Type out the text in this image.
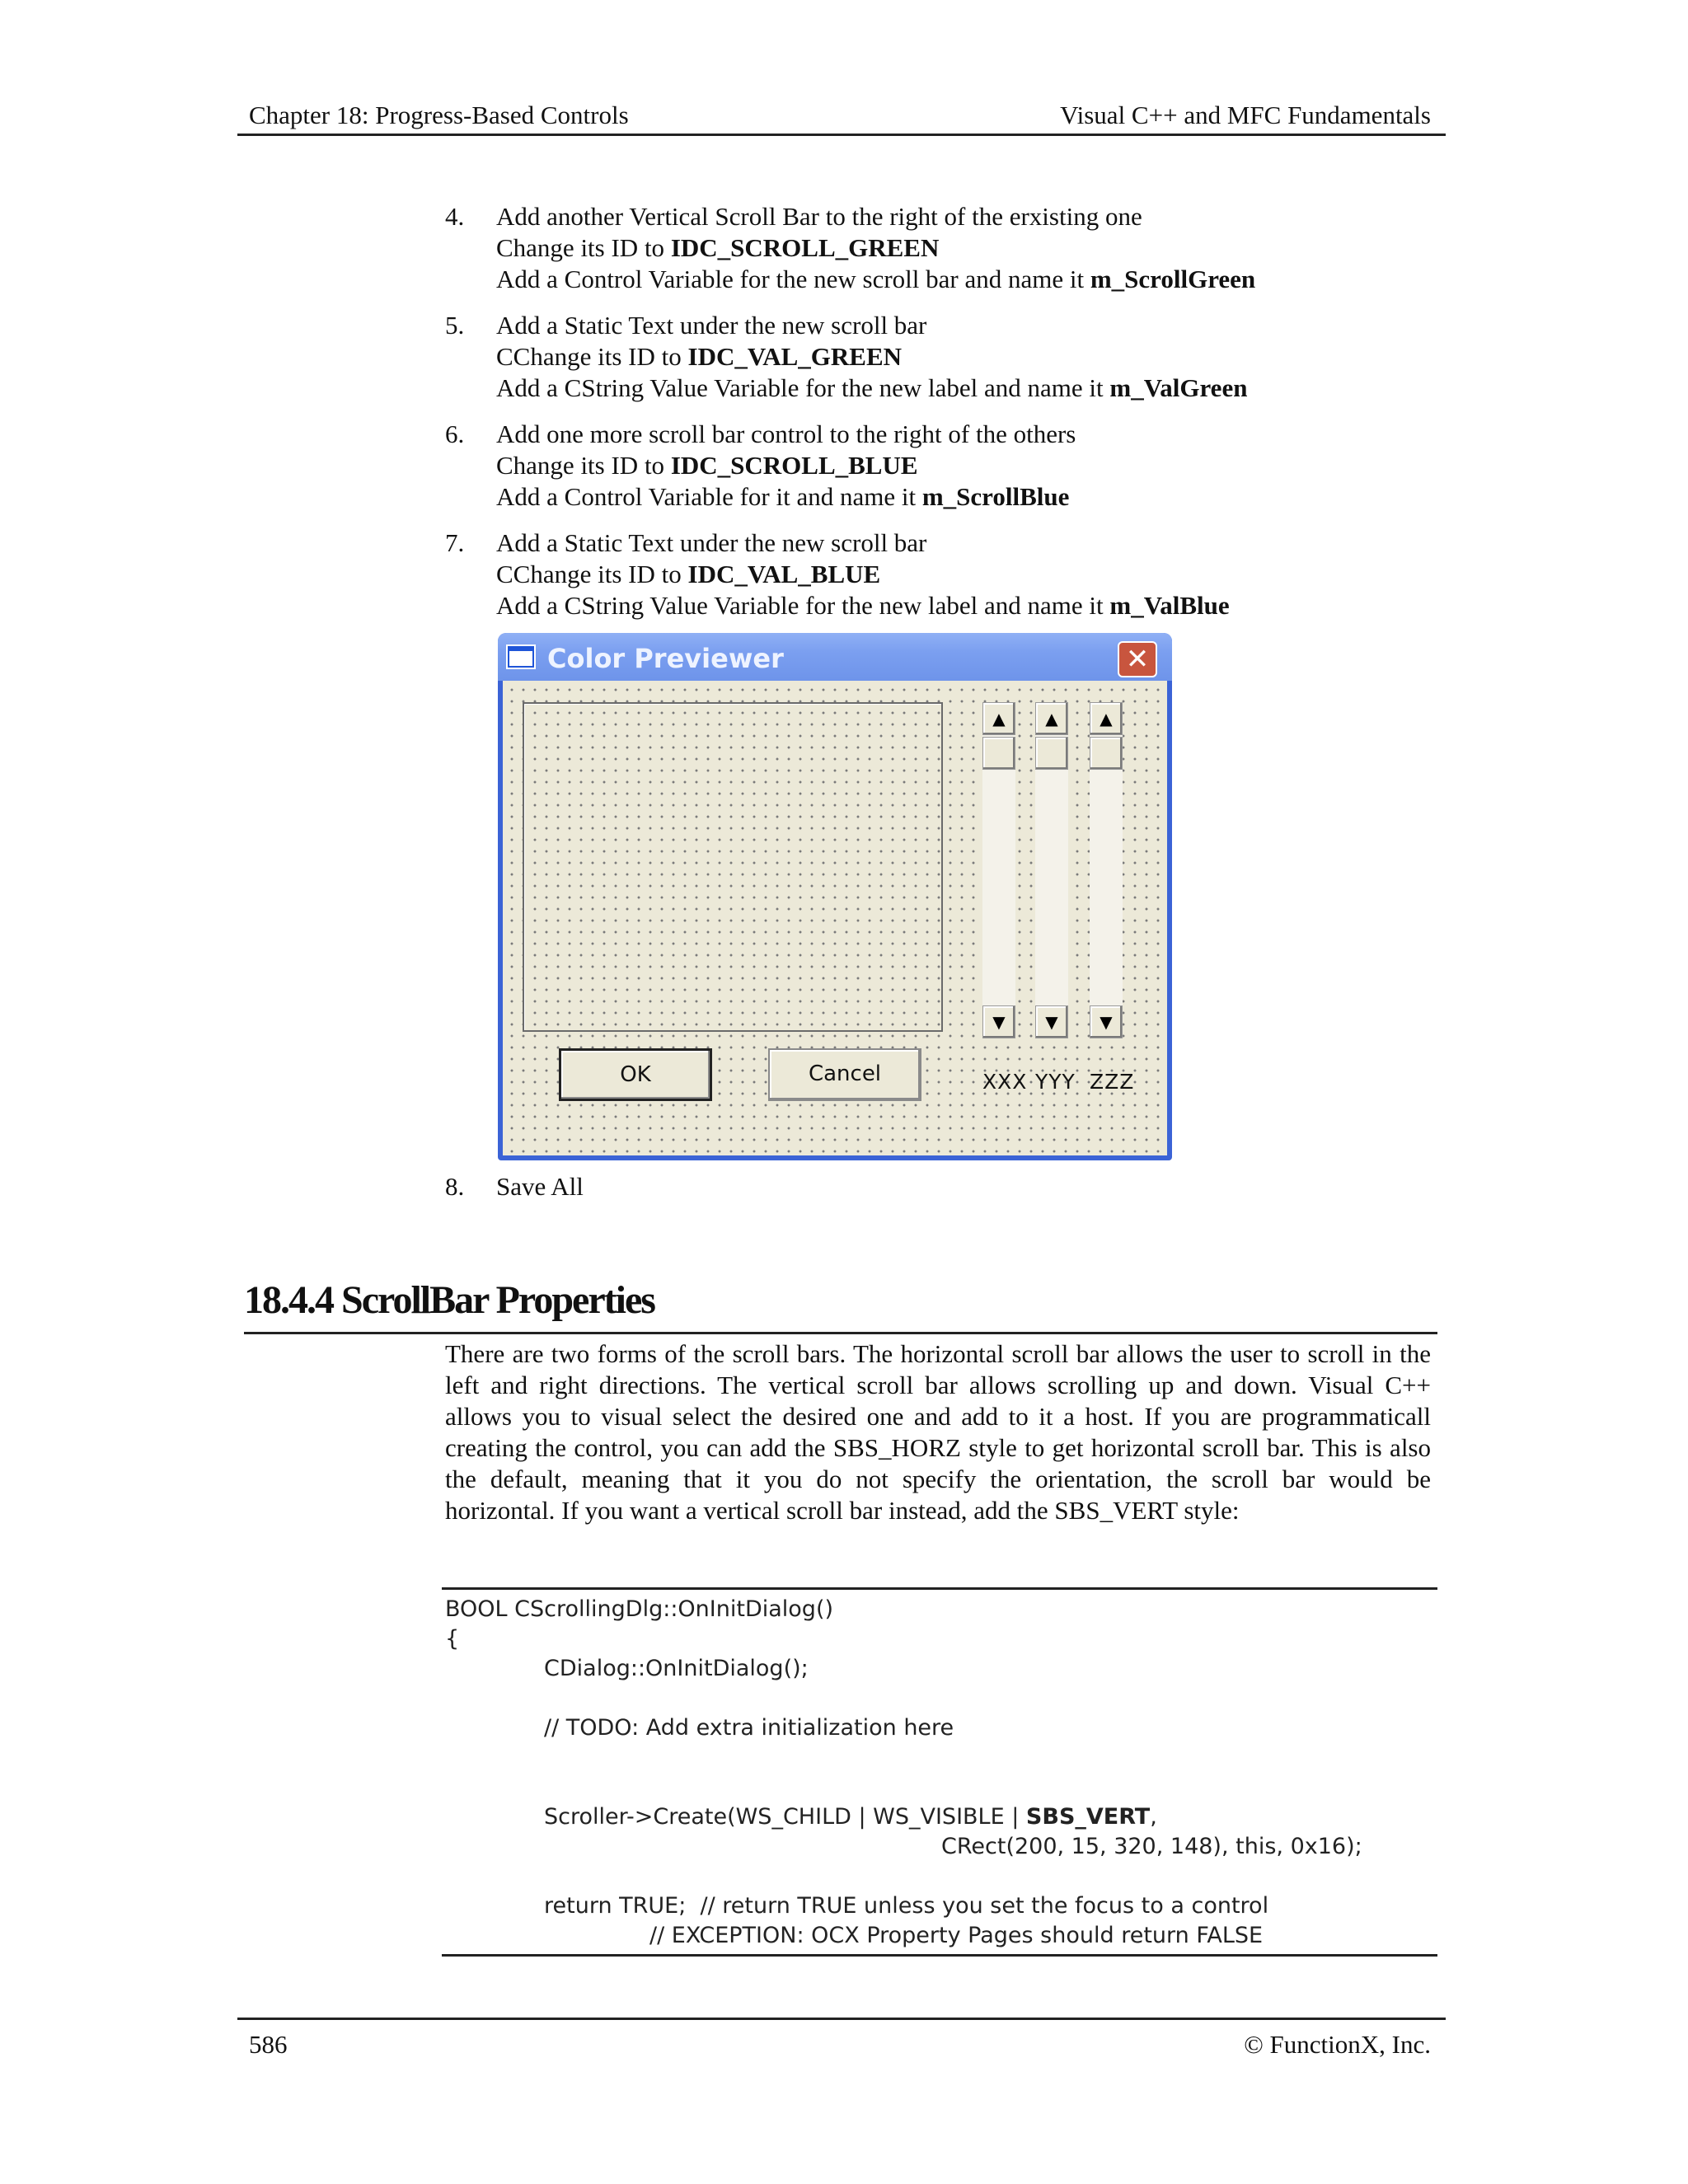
Chapter 18: Progress-Based Controls	Visual C++ and MFC Fundamentals
4. Add another Vertical Scroll Bar to the right of the erxisting one
Change its ID to IDC_SCROLL_GREEN
Add a Control Variable for the new scroll bar and name it m_ScrollGreen
5. Add a Static Text under the new scroll bar
CChange its ID to IDC_VAL_GREEN
Add a CString Value Variable for the new label and name it m_ValGreen
6. Add one more scroll bar control to the right of the others
Change its ID to IDC_SCROLL_BLUE
Add a Control Variable for it and name it m_ScrollBlue
7. Add a Static Text under the new scroll bar
CChange its ID to IDC_VAL_BLUE
Add a CString Value Variable for the new label and name it m_ValBlue
Color Previewer	✕
▲
▼
▲
▼
▲
▼
OK	Cancel	XXX YYY ZZZ
8. Save All
18.4.4 ScrollBar Properties

There are two forms of the scroll bars. The horizontal scroll bar allows the user to scroll in the left and right directions. The vertical scroll bar allows scrolling up and down. Visual C++ allows you to visual select the desired one and add to it a host. If you are programmaticall creating the control, you can add the SBS_HORZ style to get horizontal scroll bar. This is also the default, meaning that it you do not specify the orientation, the scroll bar would be horizontal. If you want a vertical scroll bar instead, add the SBS_VERT style:

BOOL CScrollingDlg::OnInitDialog()
{
CDialog::OnInitDialog();
// TODO: Add extra initialization here
Scroller->Create(WS_CHILD | WS_VISIBLE | SBS_VERT,
CRect(200, 15, 320, 148), this, 0x16);
return TRUE;  // return TRUE unless you set the focus to a control
// EXCEPTION: OCX Property Pages should return FALSE
586	© FunctionX, Inc.
